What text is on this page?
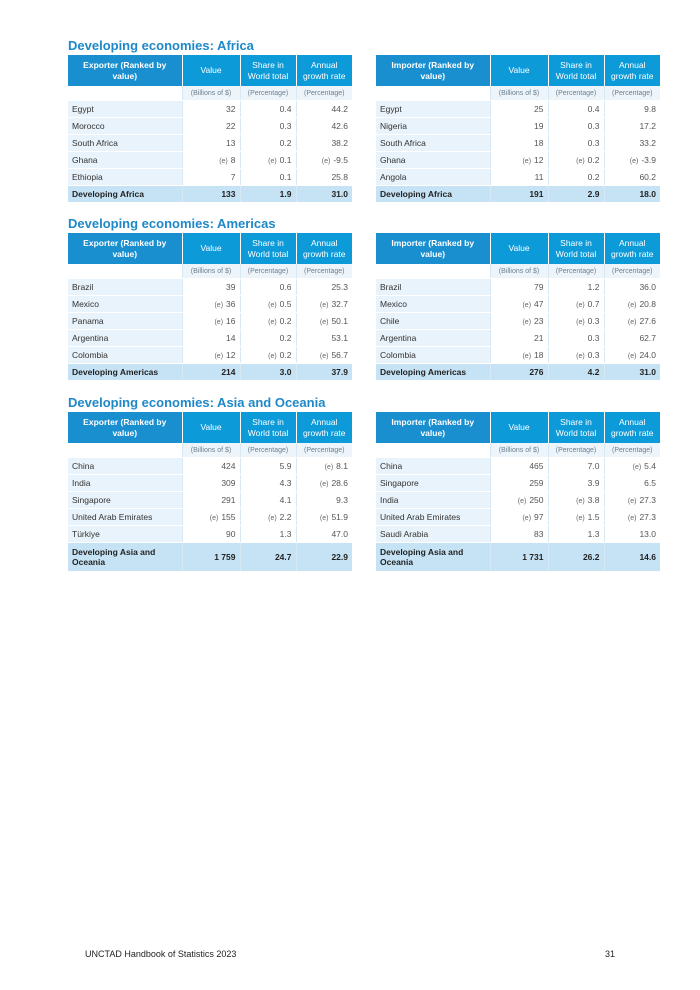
Developing economies: Africa
Exporter (Ranked by value)	Value	Share in World total	Annual growth rate
	(Billions of $)	(Percentage)	(Percentage)
Egypt	32	0.4	44.2
Morocco	22	0.3	42.6
South Africa	13	0.2	38.2
Ghana	(e) 8	(e) 0.1	(e) -9.5
Ethiopia	7	0.1	25.8
Developing Africa	133	1.9	31.0
Importer (Ranked by value)	Value	Share in World total	Annual growth rate
	(Billions of $)	(Percentage)	(Percentage)
Egypt	25	0.4	9.8
Nigeria	19	0.3	17.2
South Africa	18	0.3	33.2
Ghana	(e) 12	(e) 0.2	(e) -3.9
Angola	11	0.2	60.2
Developing Africa	191	2.9	18.0
Developing economies: Americas
Exporter (Ranked by value)	Value	Share in World total	Annual growth rate
	(Billions of $)	(Percentage)	(Percentage)
Brazil	39	0.6	25.3
Mexico	(e) 36	(e) 0.5	(e) 32.7
Panama	(e) 16	(e) 0.2	(e) 50.1
Argentina	14	0.2	53.1
Colombia	(e) 12	(e) 0.2	(e) 56.7
Developing Americas	214	3.0	37.9
Importer (Ranked by value)	Value	Share in World total	Annual growth rate
	(Billions of $)	(Percentage)	(Percentage)
Brazil	79	1.2	36.0
Mexico	(e) 47	(e) 0.7	(e) 20.8
Chile	(e) 23	(e) 0.3	(e) 27.6
Argentina	21	0.3	62.7
Colombia	(e) 18	(e) 0.3	(e) 24.0
Developing Americas	276	4.2	31.0
Developing economies: Asia and Oceania
Exporter (Ranked by value)	Value	Share in World total	Annual growth rate
	(Billions of $)	(Percentage)	(Percentage)
China	424	5.9	(e) 8.1
India	309	4.3	(e) 28.6
Singapore	291	4.1	9.3
United Arab Emirates	(e) 155	(e) 2.2	(e) 51.9
Türkiye	90	1.3	47.0
Developing Asia and Oceania	1 759	24.7	22.9
Importer (Ranked by value)	Value	Share in World total	Annual growth rate
	(Billions of $)	(Percentage)	(Percentage)
China	465	7.0	(e) 5.4
Singapore	259	3.9	6.5
India	(e) 250	(e) 3.8	(e) 27.3
United Arab Emirates	(e) 97	(e) 1.5	(e) 27.3
Saudi Arabia	83	1.3	13.0
Developing Asia and Oceania	1 731	26.2	14.6
UNCTAD Handbook of Statistics 2023	31
